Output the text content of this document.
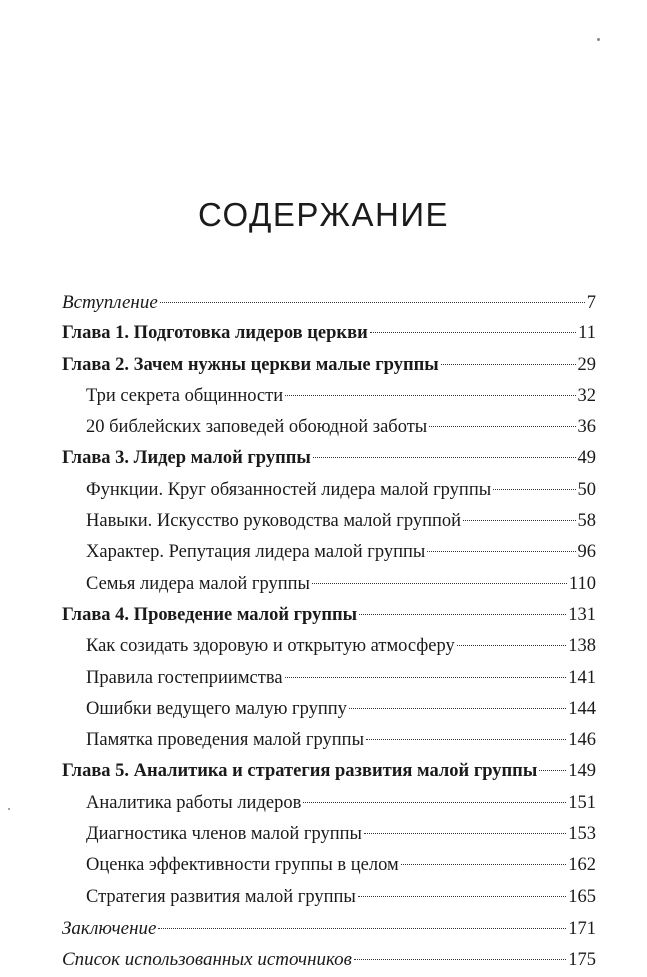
СОДЕРЖАНИЕ
Вступление	7
Глава 1. Подготовка лидеров церкви	11
Глава 2. Зачем нужны церкви малые группы	29
Три секрета общинности	32
20 библейских заповедей обоюдной заботы	36
Глава 3. Лидер малой группы	49
Функции. Круг обязанностей лидера малой группы	50
Навыки. Искусство руководства малой группой	58
Характер. Репутация лидера малой группы	96
Семья лидера малой группы	110
Глава 4. Проведение малой группы	131
Как созидать здоровую и открытую атмосферу	138
Правила гостеприимства	141
Ошибки ведущего малую группу	144
Памятка проведения малой группы	146
Глава 5. Аналитика и стратегия развития малой группы 149
Аналитика работы лидеров	151
Диагностика членов малой группы	153
Оценка эффективности группы в целом	162
Стратегия развития малой группы	165
Заключение	171
Список использованных источников	175
